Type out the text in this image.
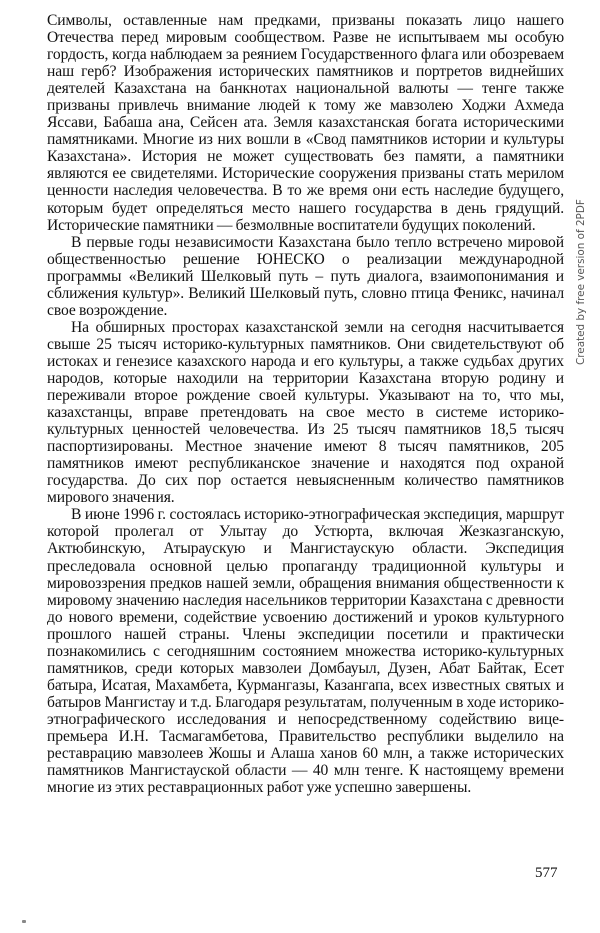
Символы, оставленные нам предками, призваны показать лицо нашего Отечества перед мировым сообществом. Разве не испытываем мы особую гордость, когда наблюдаем за реянием Государственного флага или обозреваем наш герб? Изображения исторических памятников и портретов виднейших деятелей Казахстана на банкнотах национальной валюты — тенге также призваны привлечь внимание людей к тому же мавзолею Ходжи Ахмеда Яссави, Бабаша ана, Сейсен ата. Земля казахстанская богата историческими памятниками. Многие из них вошли в «Свод памятников истории и культуры Казахстана». История не может существовать без памяти, а памятники являются ее свидетелями. Исторические сооружения призваны стать мерилом ценности наследия человечества. В то же время они есть наследие будущего, которым будет определяться место нашего государства в день грядущий. Исторические памятники — безмолвные воспитатели будущих поколений.

В первые годы независимости Казахстана было тепло встречено мировой общественностью решение ЮНЕСКО о реализации международной программы «Великий Шелковый путь – путь диалога, взаимопонимания и сближения культур». Великий Шелковый путь, словно птица Феникс, начинал свое возрождение.

На обширных просторах казахстанской земли на сегодня насчитывается свыше 25 тысяч историко-культурных памятников. Они свидетельствуют об истоках и генезисе казахского народа и его культуры, а также судьбах других народов, которые находили на территории Казахстана вторую родину и переживали второе рождение своей культуры. Указывают на то, что мы, казахстанцы, вправе претендовать на свое место в системе историко-культурных ценностей человечества. Из 25 тысяч памятников 18,5 тысяч паспортизированы. Местное значение имеют 8 тысяч памятников, 205 памятников имеют республиканское значение и находятся под охраной государства. До сих пор остается невыясненным количество памятников мирового значения.

В июне 1996 г. состоялась историко-этнографическая экспедиция, маршрут которой пролегал от Улытау до Устюрта, включая Жезказганскую, Актюбинскую, Атыраускую и Мангистаускую области. Экспедиция преследовала основной целью пропаганду традиционной культуры и мировоззрения предков нашей земли, обращения внимания общественности к мировому значению наследия насельников территории Казахстана с древности до нового времени, содействие усвоению достижений и уроков культурного прошлого нашей страны. Члены экспедиции посетили и практически познакомились с сегодняшним состоянием множества историко-культурных памятников, среди которых мавзолеи Домбауыл, Дузен, Абат Байтак, Есет батыра, Исатая, Махамбета, Курмангазы, Казангапа, всех известных святых и батыров Мангистау и т.д. Благодаря результатам, полученным в ходе историко-этнографического исследования и непосредственному содействию вице-премьера И.Н. Тасмагамбетова, Правительство республики выделило на реставрацию мавзолеев Жошы и Алаша ханов 60 млн, а также исторических памятников Мангистауской области — 40 млн тенге. К настоящему времени многие из этих реставрационных работ уже успешно завершены.

577
Created by free version of 2PDF
